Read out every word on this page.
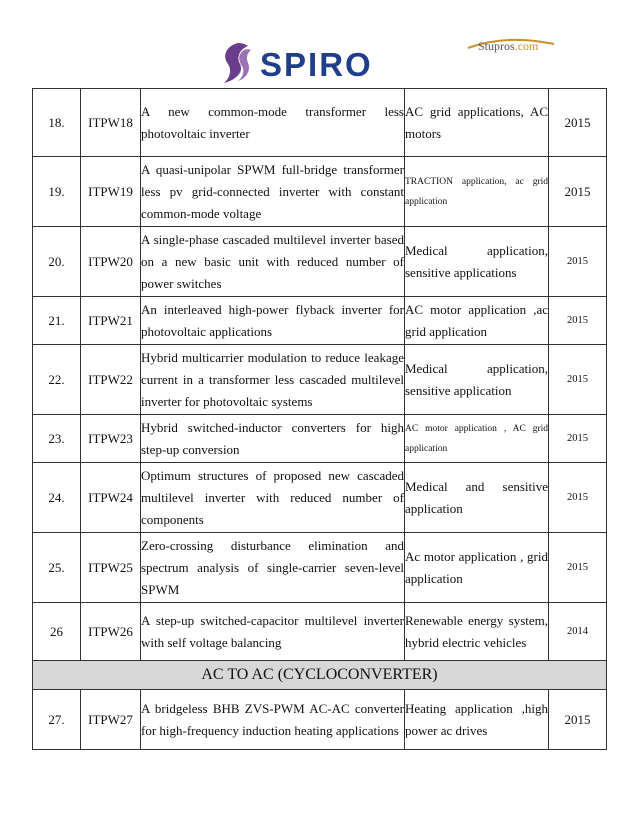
SPIRO	Stupros.com
18.	ITPW18	A new common-mode transformer less photovoltaic inverter	AC grid applications, AC motors	2015
19.	ITPW19	A quasi-unipolar SPWM full-bridge transformer less pv grid-connected inverter with constant common-mode voltage	TRACTION application, ac grid application	2015
20.	ITPW20	A single-phase cascaded multilevel inverter based on a new basic unit with reduced number of power switches	Medical application, sensitive applications	2015
21.	ITPW21	An interleaved high-power flyback inverter for photovoltaic applications	AC motor application ,ac grid application	2015
22.	ITPW22	Hybrid multicarrier modulation to reduce leakage current in a transformer less cascaded multilevel inverter for photovoltaic systems	Medical application, sensitive application	2015
23.	ITPW23	Hybrid switched-inductor converters for high step-up conversion	AC motor application , AC grid application	2015
24.	ITPW24	Optimum structures of proposed new cascaded multilevel inverter with reduced number of components	Medical and sensitive application	2015
25.	ITPW25	Zero-crossing disturbance elimination and spectrum analysis of single-carrier seven-level SPWM	Ac motor application , grid application	2015
26	ITPW26	A step-up switched-capacitor multilevel inverter with self voltage balancing	Renewable energy system, hybrid electric vehicles	2014
AC TO AC (CYCLOCONVERTER)				
27.	ITPW27	A bridgeless BHB ZVS-PWM AC-AC converter for high-frequency induction heating applications	Heating application ,high power ac drives	2015
